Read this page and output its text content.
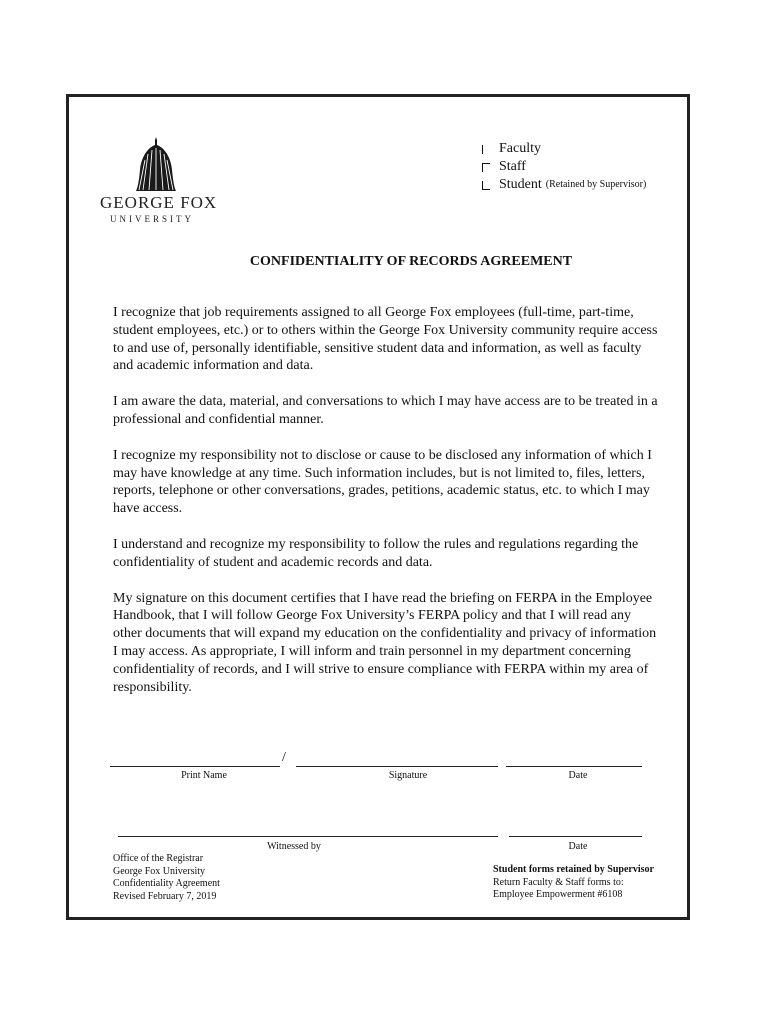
GEORGE FOX
UNIVERSITY
Faculty
Staff
Student (Retained by Supervisor)
CONFIDENTIALITY OF RECORDS AGREEMENT

I recognize that job requirements assigned to all George Fox employees (full-time, part-time, student employees, etc.) or to others within the George Fox University community require access to and use of, personally identifiable, sensitive student data and information, as well as faculty and academic information and data.

I am aware the data, material, and conversations to which I may have access are to be treated in a professional and confidential manner.

I recognize my responsibility not to disclose or cause to be disclosed any information of which I may have knowledge at any time. Such information includes, but is not limited to, files, letters, reports, telephone or other conversations, grades, petitions, academic status, etc. to which I may have access.

I understand and recognize my responsibility to follow the rules and regulations regarding the confidentiality of student and academic records and data.

My signature on this document certifies that I have read the briefing on FERPA in the Employee Handbook, that I will follow George Fox University’s FERPA policy and that I will read any other documents that will expand my education on the confidentiality and privacy of information I may access. As appropriate, I will inform and train personnel in my department concerning confidentiality of records, and I will strive to ensure compliance with FERPA within my area of responsibility.

/
Print Name	Signature	Date
Witnessed by	Date
Office of the Registrar
George Fox University
Confidentiality Agreement
Revised February 7, 2019
Student forms retained by Supervisor
Return Faculty & Staff forms to:
Employee Empowerment #6108
